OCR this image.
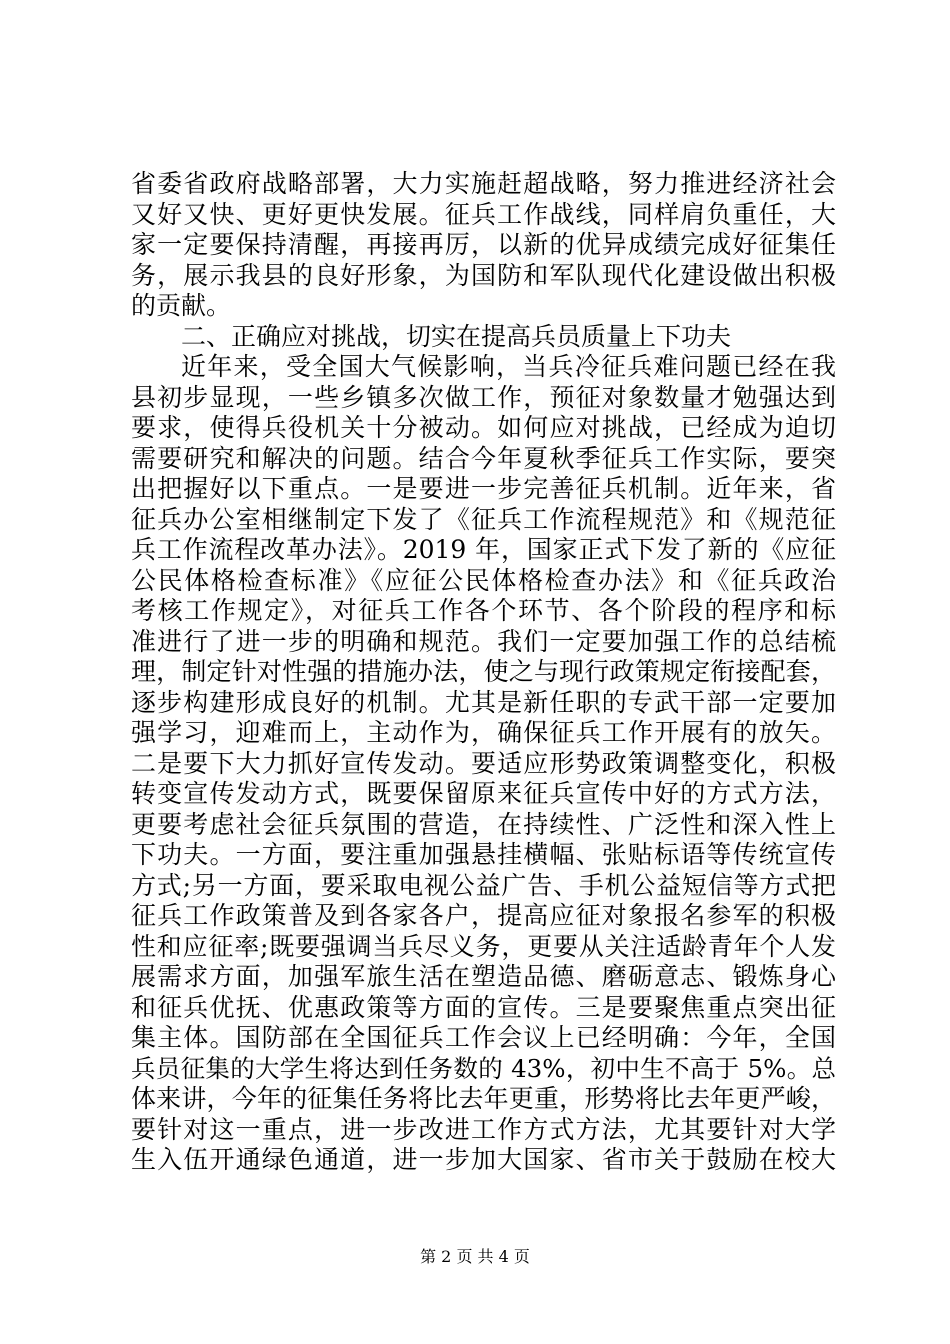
省委省政府战略部署，大力实施赶超战略，努力推进经济社会
又好又快、更好更快发展。征兵工作战线，同样肩负重任，大
家一定要保持清醒，再接再厉，以新的优异成绩完成好征集任
务，展示我县的良好形象，为国防和军队现代化建设做出积极
的贡献。
二、正确应对挑战，切实在提高兵员质量上下功夫
近年来，受全国大气候影响，当兵冷征兵难问题已经在我
县初步显现，一些乡镇多次做工作，预征对象数量才勉强达到
要求，使得兵役机关十分被动。如何应对挑战，已经成为迫切
需要研究和解决的问题。结合今年夏秋季征兵工作实际，要突
出把握好以下重点。一是要进一步完善征兵机制。近年来，省
征兵办公室相继制定下发了《征兵工作流程规范》和《规范征
兵工作流程改革办法》。2019 年，国家正式下发了新的《应征
公民体格检查标准》《应征公民体格检查办法》和《征兵政治
考核工作规定》，对征兵工作各个环节、各个阶段的程序和标
准进行了进一步的明确和规范。我们一定要加强工作的总结梳
理，制定针对性强的措施办法，使之与现行政策规定衔接配套，
逐步构建形成良好的机制。尤其是新任职的专武干部一定要加
强学习，迎难而上，主动作为，确保征兵工作开展有的放矢。
二是要下大力抓好宣传发动。要适应形势政策调整变化，积极
转变宣传发动方式，既要保留原来征兵宣传中好的方式方法，
更要考虑社会征兵氛围的营造，在持续性、广泛性和深入性上
下功夫。一方面，要注重加强悬挂横幅、张贴标语等传统宣传
方式;另一方面，要采取电视公益广告、手机公益短信等方式把
征兵工作政策普及到各家各户，提高应征对象报名参军的积极
性和应征率;既要强调当兵尽义务，更要从关注适龄青年个人发
展需求方面，加强军旅生活在塑造品德、磨砺意志、锻炼身心
和征兵优抚、优惠政策等方面的宣传。三是要聚焦重点突出征
集主体。国防部在全国征兵工作会议上已经明确：今年，全国
兵员征集的大学生将达到任务数的 43%，初中生不高于 5%。总
体来讲，今年的征集任务将比去年更重，形势将比去年更严峻，
要针对这一重点，进一步改进工作方式方法，尤其要针对大学
生入伍开通绿色通道，进一步加大国家、省市关于鼓励在校大
第 2 页 共 4 页
